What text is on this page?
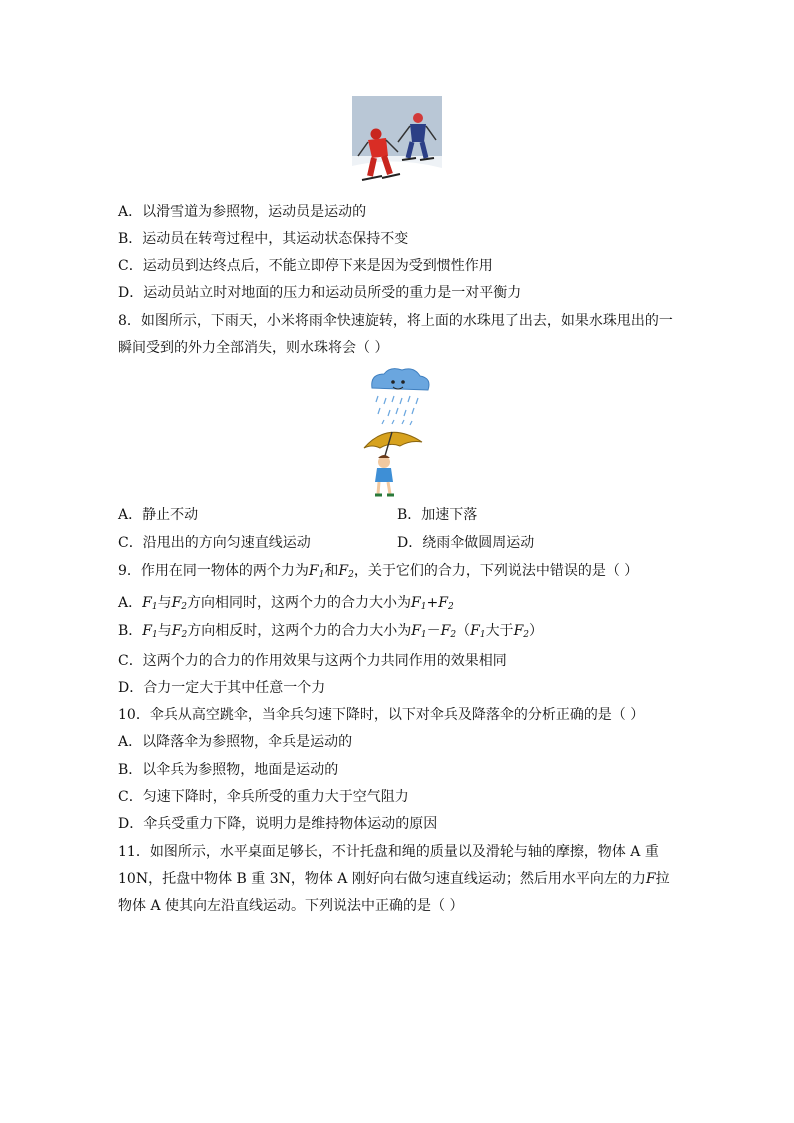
A．以滑雪道为参照物，运动员是运动的
B．运动员在转弯过程中，其运动状态保持不变
C．运动员到达终点后，不能立即停下来是因为受到惯性作用
D．运动员站立时对地面的压力和运动员所受的重力是一对平衡力
8．如图所示，下雨天，小米将雨伞快速旋转，将上面的水珠甩了出去，如果水珠甩出的一
瞬间受到的外力全部消失，则水珠将会（ ）
A．静止不动	B．加速下落
C．沿甩出的方向匀速直线运动	D．绕雨伞做圆周运动
9．作用在同一物体的两个力为$F_1$和$F_2$，关于它们的合力，下列说法中错误的是（ ）
A．$F_1$与$F_2$方向相同时，这两个力的合力大小为$F_1+F_2$
B．$F_1$与$F_2$方向相反时，这两个力的合力大小为$F_1-F_2(F_1$大于$F_2$）
C．这两个力的合力的作用效果与这两个力共同作用的效果相同
D．合力一定大于其中任意一个力
10．伞兵从高空跳伞，当伞兵匀速下降时，以下对伞兵及降落伞的分析正确的是（ ）
A．以降落伞为参照物，伞兵是运动的
B．以伞兵为参照物，地面是运动的
C．匀速下降时，伞兵所受的重力大于空气阻力
D．伞兵受重力下降，说明力是维持物体运动的原因
11．如图所示，水平桌面足够长，不计托盘和绳的质量以及滑轮与轴的摩擦，物体 A 重
10N，托盘中物体 B 重 3N，物体 A 刚好向右做匀速直线运动；然后用水平向左的力F拉
物体 A 使其向左沿直线运动。下列说法中正确的是（ ）
